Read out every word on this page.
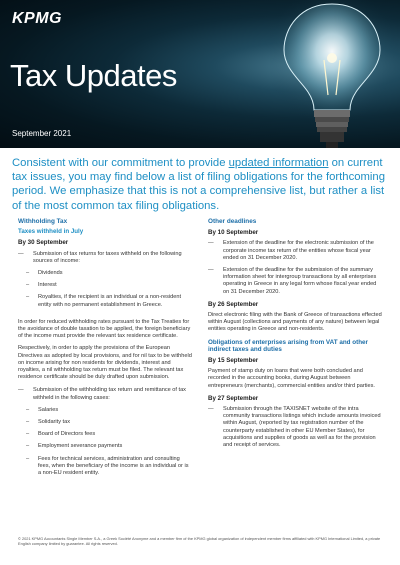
KPMG
Tax Updates
September 2021
Consistent with our commitment to provide updated information on current tax issues, you may find below a list of filing obligations for the forthcoming period. We emphasize that this is not a comprehensive list, but rather a list of the most common tax filing obligations.
Withholding Tax
Taxes withheld in July
By 30 September
— Submission of tax returns for taxes withheld on the following sources of income:
– Dividends
– Interest
– Royalties, if the recipient is an individual or a non-resident entity with no permanent establishment in Greece.
In order for reduced withholding rates pursuant to the Tax Treaties for the avoidance of double taxation to be applied, the foreign beneficiary of the income must provide the relevant tax residence certificate.
Respectively, in order to apply the provisions of the European Directives as adopted by local provisions, and for nil tax to be withheld on income arising for non residents for dividends, interest and royalties, a nil withholding tax return must be filed. The relevant tax residence certificate should be duly drafted upon submission.
— Submission of the withholding tax return and remittance of tax withheld in the following cases:
– Salaries
– Solidarity tax
– Board of Directors fees
– Employment severance payments
– Fees for technical services, administration and consulting fees, when the beneficiary of the income is an individual or is a non-EU resident entity.
Other deadlines
By 10 September
— Extension of the deadline for the electronic submission of the corporate income tax return of the entities whose fiscal year ended on 31 December 2020.
— Extension of the deadline for the submission of the summary information sheet for intergroup transactions by all enterprises operating in Greece in any legal form whose fiscal year ended on 31 December 2020.
By 26 September
Direct electronic filing with the Bank of Greece of transactions effected within August (collections and payments of any nature) between legal entities operating in Greece and non-residents.
Obligations of enterprises arising from VAT and other indirect taxes and duties
By 15 September
Payment of stamp duty on loans that were both concluded and recorded in the accounting books, during August between entrepreneurs (merchants), commercial entities and/or third parties.
By 27 September
— Submission through the TAXISNET website of the intra community transactions listings which include amounts invoiced within August, (reported by tax registration number of the counterparty established in other EU Member States), for acquisitions and supplies of goods as well as for the provision and receipt of services.
© 2021 KPMG Accountants Single Member S.A., a Greek Société Anonyme and a member firm of the KPMG global organization of independent member firms affiliated with KPMG International Limited, a private English company limited by guarantee. All rights reserved.
